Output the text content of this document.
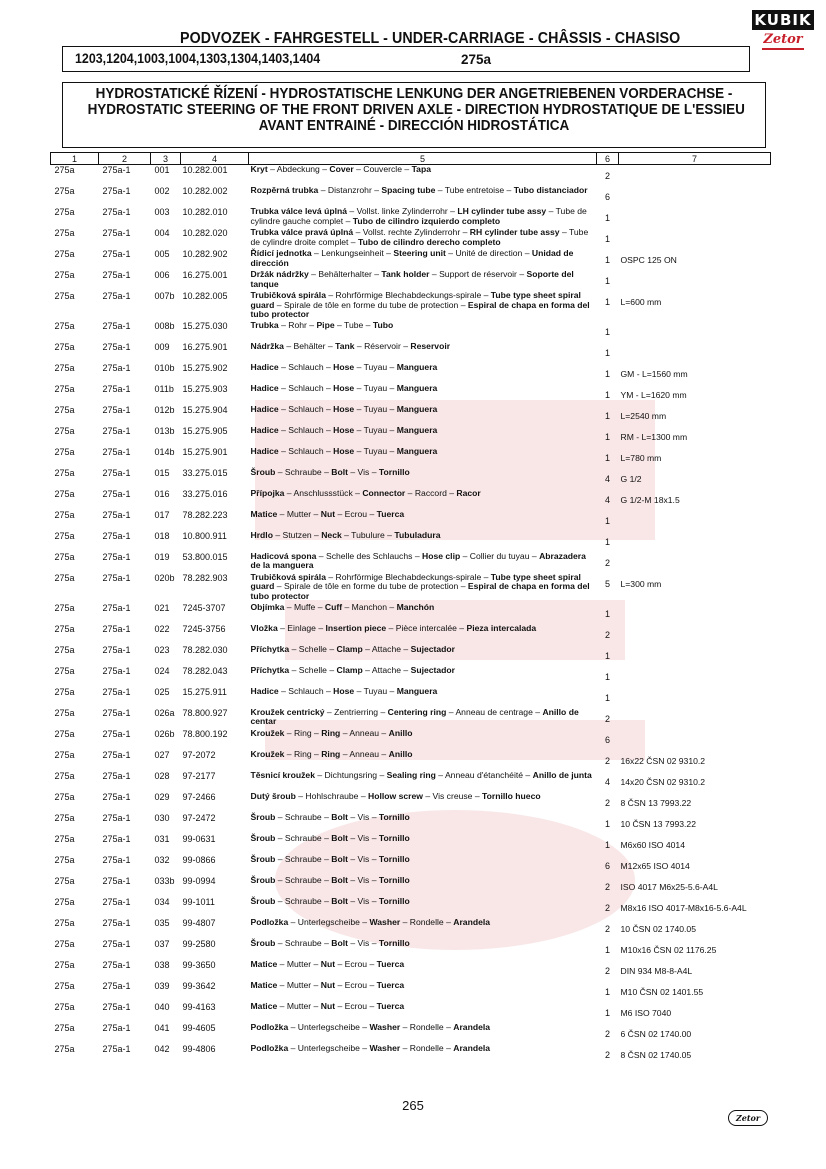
PODVOZEK - FAHRGESTELL - UNDER-CARRIAGE - CHÂSSIS - CHASISO
KUBIK
Zetor
1203,1204,1003,1004,1303,1304,1403,1404	275a
HYDROSTATICKÉ ŘÍZENÍ - HYDROSTATISCHE LENKUNG DER ANGETRIEBENEN VORDERACHSE -
HYDROSTATIC STEERING OF THE FRONT DRIVEN AXLE - DIRECTION HYDROSTATIQUE DE L'ESSIEU
AVANT ENTRAINÉ - DIRECCIÓN HIDROSTÁTICA
1	2	3	4	5	6	7
275a	275a-1	001	10.282.001	Kryt – Abdeckung – Cover – Couvercle – Tapa	2	
275a	275a-1	002	10.282.002	Rozpěrná trubka – Distanzrohr – Spacing tube – Tube entretoise – Tubo distanciador	6	
275a	275a-1	003	10.282.010	Trubka válce levá úplná – Vollst. linke Zylinderrohr – LH cylinder tube assy – Tube de cylindre gauche complet – Tubo de cilindro izquierdo completo	1	
275a	275a-1	004	10.282.020	Trubka válce pravá úplná – Vollst. rechte Zylinderrohr – RH cylinder tube assy – Tube de cylindre droite complet – Tubo de cilindro derecho completo	1	
275a	275a-1	005	10.282.902	Řídicí jednotka – Lenkungseinheit – Steering unit – Unité de direction – Unidad de dirección	1	OSPC 125 ON
275a	275a-1	006	16.275.001	Držák nádržky – Behälterhalter – Tank holder – Support de réservoir – Soporte del tanque	1	
275a	275a-1	007b	10.282.005	Trubičková spirála – Rohrförmige Blechabdeckungs-spirale – Tube type sheet spiral guard – Spirale de tôle en forme du tube de protection – Espiral de chapa en forma del tubo protector	1	L=600 mm
275a	275a-1	008b	15.275.030	Trubka – Rohr – Pipe – Tube – Tubo	1	
275a	275a-1	009	16.275.901	Nádržka – Behälter – Tank – Réservoir – Reservoir	1	
275a	275a-1	010b	15.275.902	Hadice – Schlauch – Hose – Tuyau – Manguera	1	GM - L=1560 mm
275a	275a-1	011b	15.275.903	Hadice – Schlauch – Hose – Tuyau – Manguera	1	YM - L=1620 mm
275a	275a-1	012b	15.275.904	Hadice – Schlauch – Hose – Tuyau – Manguera	1	L=2540 mm
275a	275a-1	013b	15.275.905	Hadice – Schlauch – Hose – Tuyau – Manguera	1	RM - L=1300 mm
275a	275a-1	014b	15.275.901	Hadice – Schlauch – Hose – Tuyau – Manguera	1	L=780 mm
275a	275a-1	015	33.275.015	Šroub – Schraube – Bolt – Vis – Tornillo	4	G 1/2
275a	275a-1	016	33.275.016	Přípojka – Anschlussstück – Connector – Raccord – Racor	4	G 1/2-M 18x1.5
275a	275a-1	017	78.282.223	Matice – Mutter – Nut – Ecrou – Tuerca	1	
275a	275a-1	018	10.800.911	Hrdlo – Stutzen – Neck – Tubulure – Tubuladura	1	
275a	275a-1	019	53.800.015	Hadicová spona – Schelle des Schlauchs – Hose clip – Collier du tuyau – Abrazadera de la manguera	2	
275a	275a-1	020b	78.282.903	Trubičková spirála – Rohrförmige Blechabdeckungs-spirale – Tube type sheet spiral guard – Spirale de tôle en forme du tube de protection – Espiral de chapa en forma del tubo protector	5	L=300 mm
275a	275a-1	021	7245-3707	Objímka – Muffe – Cuff – Manchon – Manchón	1	
275a	275a-1	022	7245-3756	Vložka – Einlage – Insertion piece – Pièce intercalée – Pieza intercalada	2	
275a	275a-1	023	78.282.030	Příchytka – Schelle – Clamp – Attache – Sujectador	1	
275a	275a-1	024	78.282.043	Příchytka – Schelle – Clamp – Attache – Sujectador	1	
275a	275a-1	025	15.275.911	Hadice – Schlauch – Hose – Tuyau – Manguera	1	
275a	275a-1	026a	78.800.927	Kroužek centrický – Zentrierring – Centering ring – Anneau de centrage – Anillo de centar	2	
275a	275a-1	026b	78.800.192	Kroužek – Ring – Ring – Anneau – Anillo	6	
275a	275a-1	027	97-2072	Kroužek – Ring – Ring – Anneau – Anillo	2	16x22 ČSN 02 9310.2
275a	275a-1	028	97-2177	Těsnicí kroužek – Dichtungsring – Sealing ring – Anneau d'étanchéité – Anillo de junta	4	14x20 ČSN 02 9310.2
275a	275a-1	029	97-2466	Dutý šroub – Hohlschraube – Hollow screw – Vis creuse – Tornillo hueco	2	8 ČSN 13 7993.22
275a	275a-1	030	97-2472	Šroub – Schraube – Bolt – Vis – Tornillo	1	10 ČSN 13 7993.22
275a	275a-1	031	99-0631	Šroub – Schraube – Bolt – Vis – Tornillo	1	M6x60 ISO 4014
275a	275a-1	032	99-0866	Šroub – Schraube – Bolt – Vis – Tornillo	6	M12x65 ISO 4014
275a	275a-1	033b	99-0994	Šroub – Schraube – Bolt – Vis – Tornillo	2	ISO 4017 M6x25-5.6-A4L
275a	275a-1	034	99-1011	Šroub – Schraube – Bolt – Vis – Tornillo	2	M8x16 ISO 4017-M8x16-5.6-A4L
275a	275a-1	035	99-4807	Podložka – Unterlegscheibe – Washer – Rondelle – Arandela	2	10 ČSN 02 1740.05
275a	275a-1	037	99-2580	Šroub – Schraube – Bolt – Vis – Tornillo	1	M10x16 ČSN 02 1176.25
275a	275a-1	038	99-3650	Matice – Mutter – Nut – Ecrou – Tuerca	2	DIN 934 M8-8-A4L
275a	275a-1	039	99-3642	Matice – Mutter – Nut – Ecrou – Tuerca	1	M10 ČSN 02 1401.55
275a	275a-1	040	99-4163	Matice – Mutter – Nut – Ecrou – Tuerca	1	M6 ISO 7040
275a	275a-1	041	99-4605	Podložka – Unterlegscheibe – Washer – Rondelle – Arandela	2	6 ČSN 02 1740.00
275a	275a-1	042	99-4806	Podložka – Unterlegscheibe – Washer – Rondelle – Arandela	2	8 ČSN 02 1740.05
265
Zetor
